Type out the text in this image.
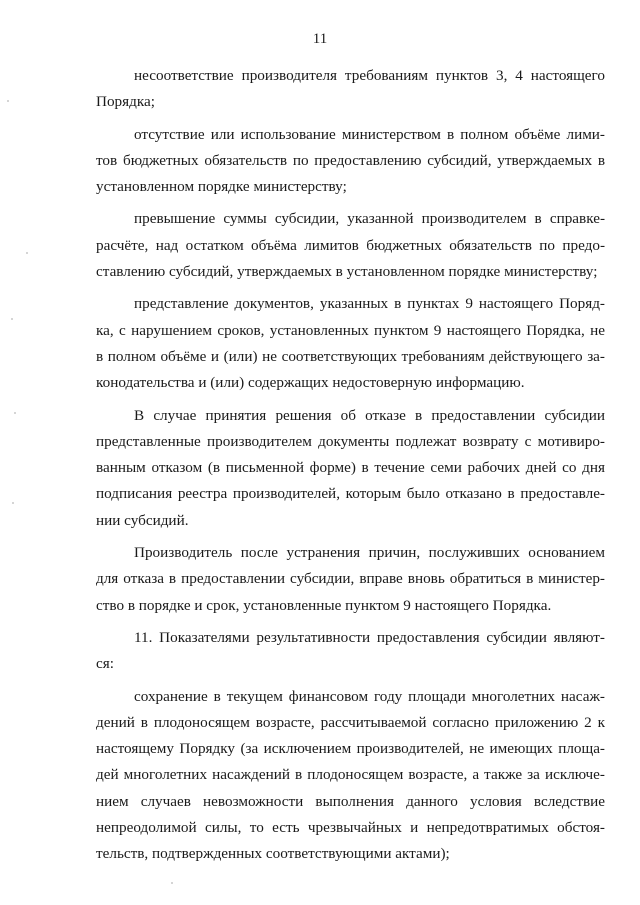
11

несоответствие производителя требованиям пунктов 3, 4 настоящего
Порядка;

отсутствие или использование министерством в полном объёме лими-
тов бюджетных обязательств по предоставлению субсидий, утверждаемых в
установленном порядке министерству;

превышение суммы субсидии, указанной производителем в справке-
расчёте, над остатком объёма лимитов бюджетных обязательств по предо-
ставлению субсидий, утверждаемых в установленном порядке министерству;

представление документов, указанных в пунктах 9 настоящего Поряд-
ка, с нарушением сроков, установленных пунктом 9 настоящего Порядка, не
в полном объёме и (или) не соответствующих требованиям действующего за-
конодательства и (или) содержащих недостоверную информацию.

В случае принятия решения об отказе в предоставлении субсидии
представленные производителем документы подлежат возврату с мотивиро-
ванным отказом (в письменной форме) в течение семи рабочих дней со дня
подписания реестра производителей, которым было отказано в предоставле-
нии субсидий.

Производитель после устранения причин, послуживших основанием
для отказа в предоставлении субсидии, вправе вновь обратиться в министер-
ство в порядке и срок, установленные пунктом 9 настоящего Порядка.

11. Показателями результативности предоставления субсидии являют-
ся:

сохранение в текущем финансовом году площади многолетних насаж-
дений в плодоносящем возрасте, рассчитываемой согласно приложению 2 к
настоящему Порядку (за исключением производителей, не имеющих площа-
дей многолетних насаждений в плодоносящем возрасте, а также за исключе-
нием случаев невозможности выполнения данного условия вследствие
непреодолимой силы, то есть чрезвычайных и непредотвратимых обстоя-
тельств, подтвержденных соответствующими актами);
